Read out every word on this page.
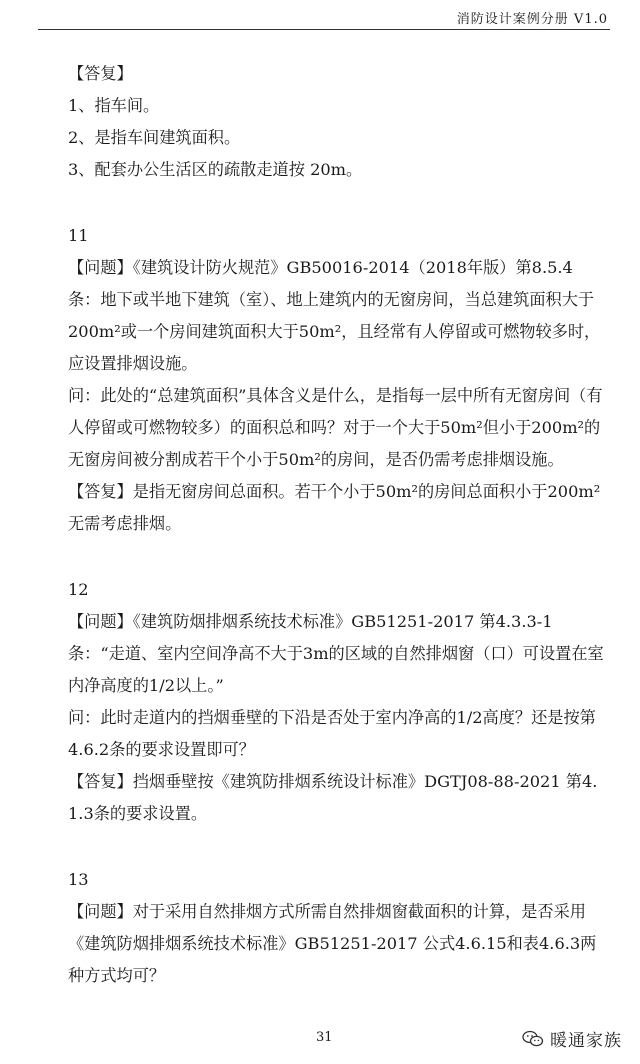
消防设计案例分册 V1.0

【答复】

1、指车间。

2、是指车间建筑面积。

3、配套办公生活区的疏散走道按 20m。

11

【问题】《建筑设计防火规范》GB50016-2014（2018年版）第8.5.4条：地下或半地下建筑（室）、地上建筑内的无窗房间，当总建筑面积大于200m²或一个房间建筑面积大于50m²，且经常有人停留或可燃物较多时，应设置排烟设施。

问：此处的“总建筑面积”具体含义是什么，是指每一层中所有无窗房间（有人停留或可燃物较多）的面积总和吗？对于一个大于50m²但小于200m²的无窗房间被分割成若干个小于50m²的房间，是否仍需考虑排烟设施。

【答复】是指无窗房间总面积。若干个小于50m²的房间总面积小于200m²无需考虑排烟。

12

【问题】《建筑防烟排烟系统技术标准》GB51251-2017 第4.3.3-1条：“走道、室内空间净高不大于3m的区域的自然排烟窗（口）可设置在室内净高度的1/2以上。”

问：此时走道内的挡烟垂壁的下沿是否处于室内净高的1/2高度？还是按第4.6.2条的要求设置即可？

【答复】挡烟垂壁按《建筑防排烟系统设计标准》DGTJ08-88-2021 第4.1.3条的要求设置。

13

【问题】对于采用自然排烟方式所需自然排烟窗截面积的计算，是否采用《建筑防烟排烟系统技术标准》GB51251-2017 公式4.6.15和表4.6.3两种方式均可？

31	暖通家族
